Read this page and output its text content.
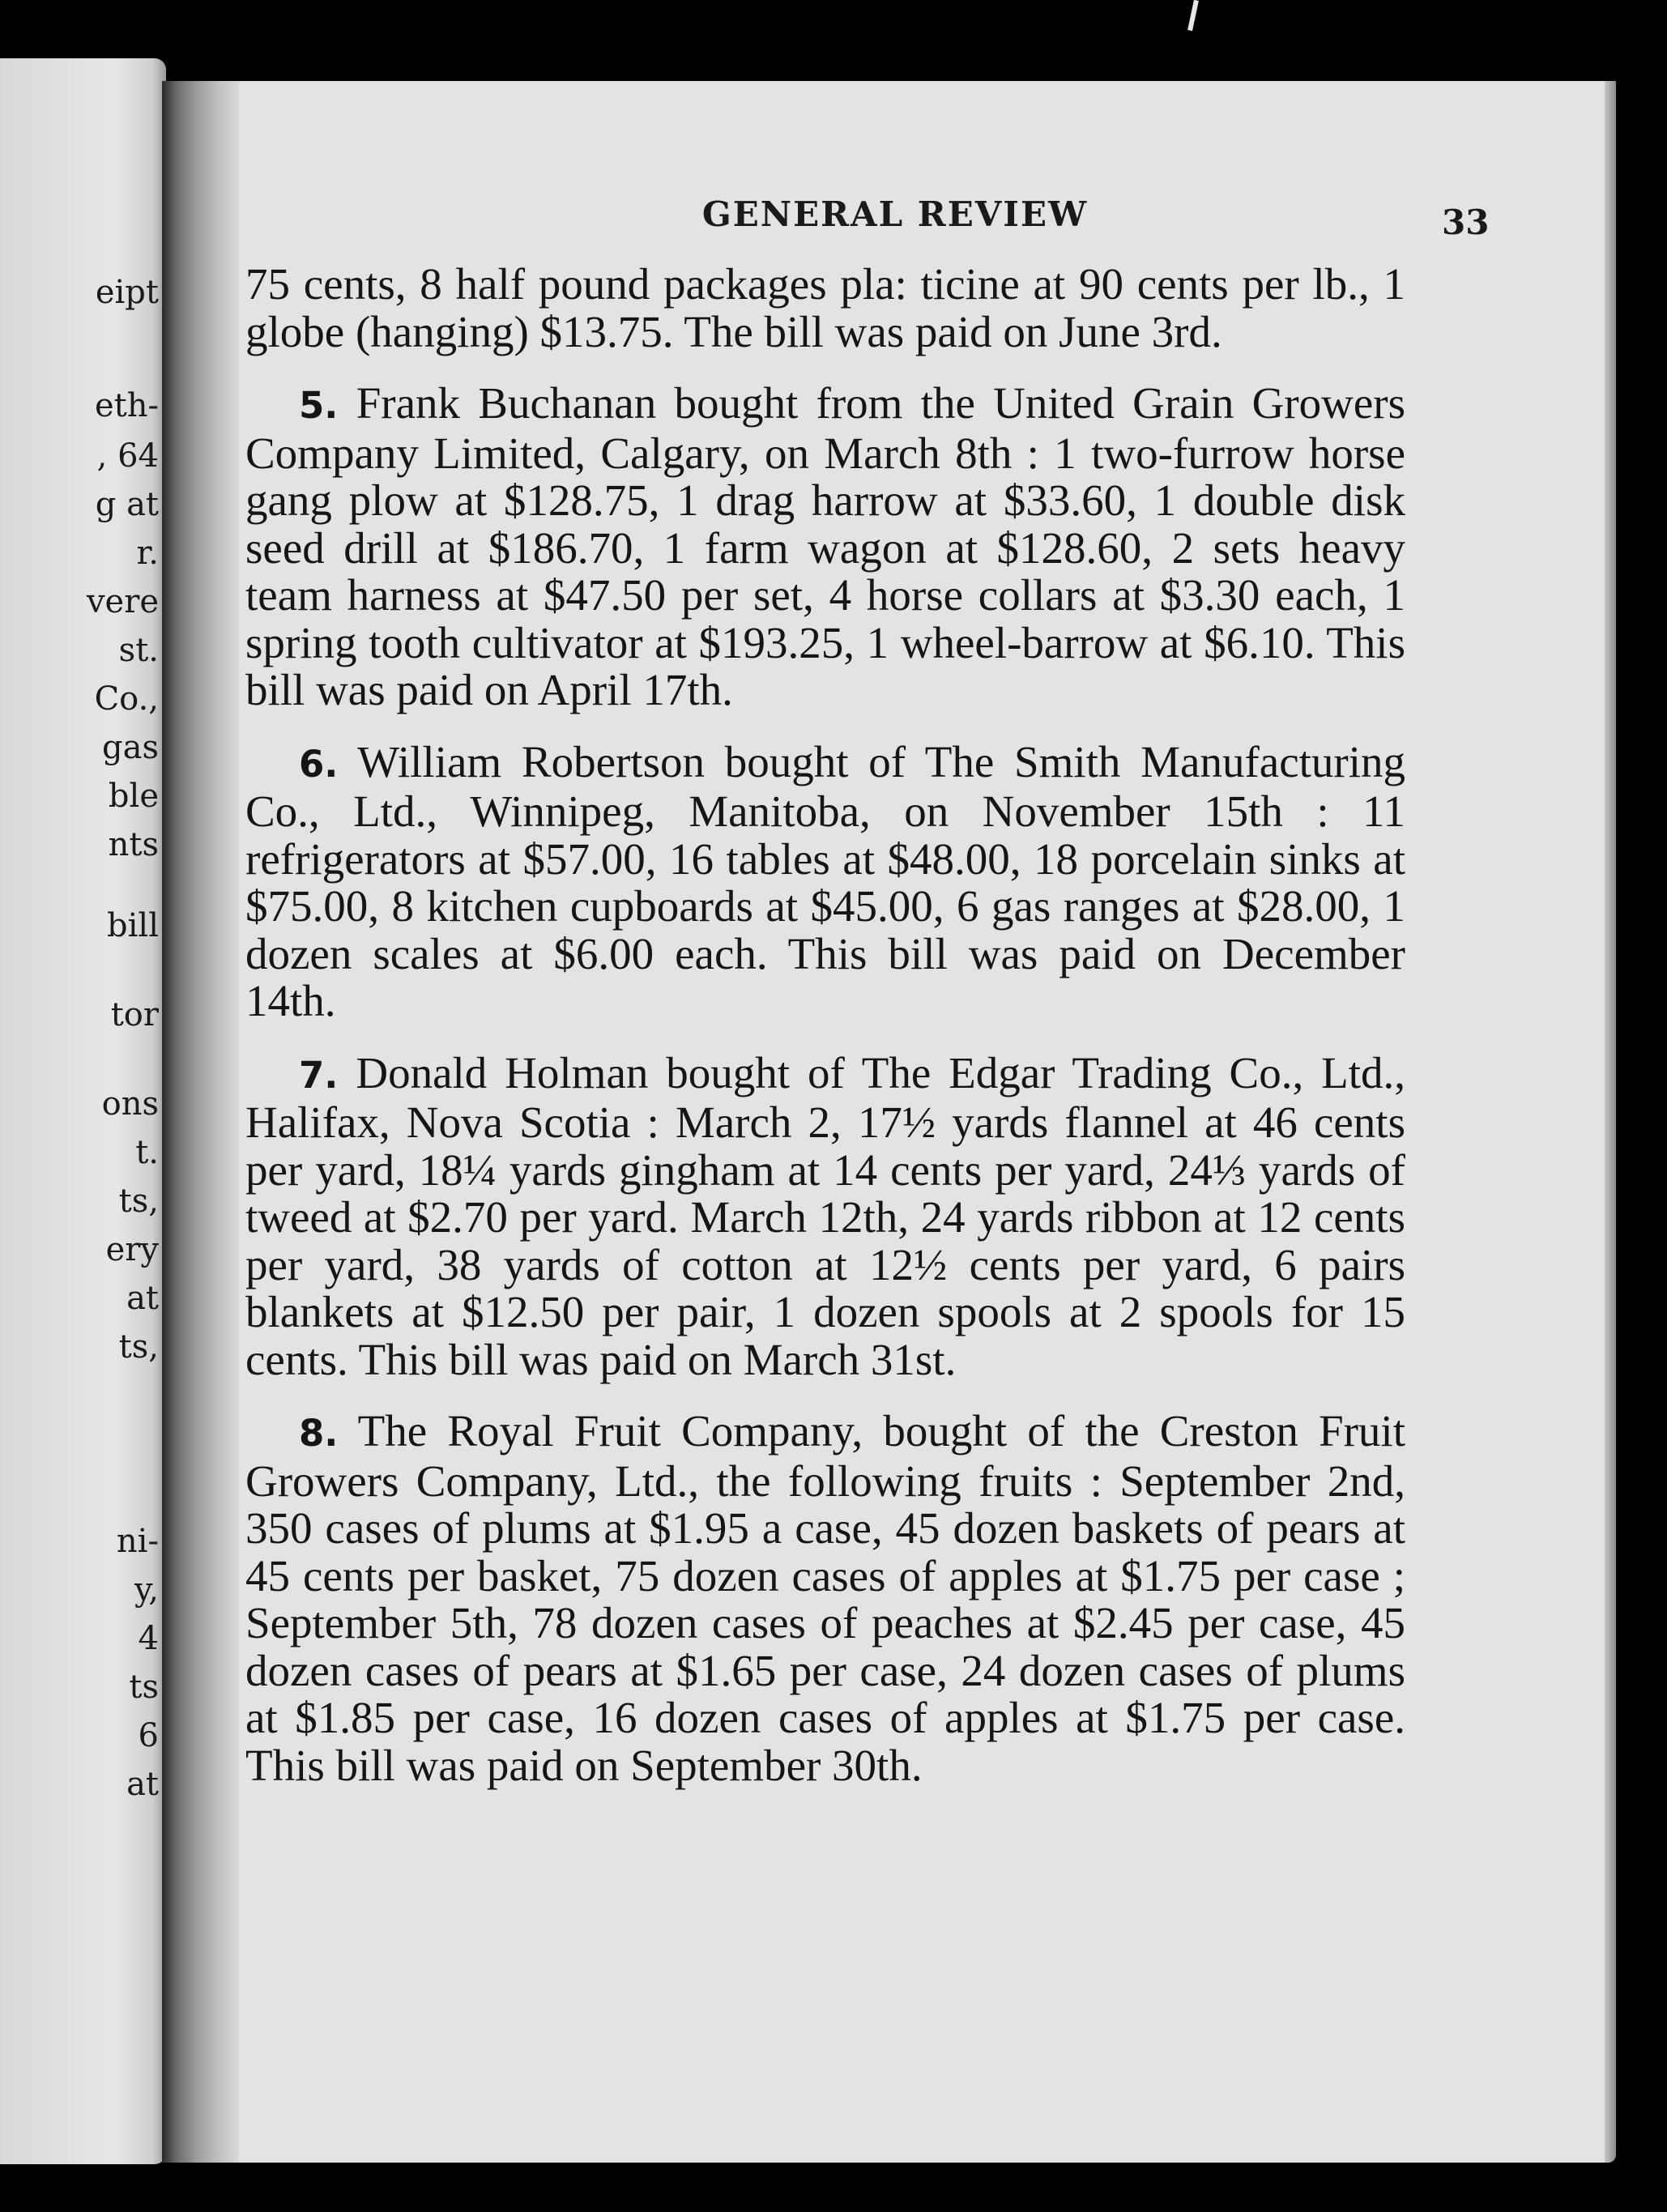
eipt
eth-
, 64
g at
r.
vere
st.
Co.,
gas
ble
nts
bill
tor
ons
t.
ts,
ery
at
ts,
ni-
y,
4
ts
6
at
GENERAL REVIEW	33

75 cents, 8 half pound packages pla: ticine at 90 cents per lb., 1 globe (hanging) $13.75. The bill was paid on June 3rd.

5. Frank Buchanan bought from the United Grain Growers Company Limited, Calgary, on March 8th : 1 two-furrow horse gang plow at $128.75, 1 drag harrow at $33.60, 1 double disk seed drill at $186.70, 1 farm wagon at $128.60, 2 sets heavy team harness at $47.50 per set, 4 horse collars at $3.30 each, 1 spring tooth cultivator at $193.25, 1 wheel-barrow at $6.10. This bill was paid on April 17th.

6. William Robertson bought of The Smith Manufacturing Co., Ltd., Winnipeg, Manitoba, on November 15th : 11 refrigerators at $57.00, 16 tables at $48.00, 18 porcelain sinks at $75.00, 8 kitchen cupboards at $45.00, 6 gas ranges at $28.00, 1 dozen scales at $6.00 each. This bill was paid on December 14th.

7. Donald Holman bought of The Edgar Trading Co., Ltd., Halifax, Nova Scotia : March 2, 17½ yards flannel at 46 cents per yard, 18¼ yards gingham at 14 cents per yard, 24⅓ yards of tweed at $2.70 per yard. March 12th, 24 yards ribbon at 12 cents per yard, 38 yards of cotton at 12½ cents per yard, 6 pairs blankets at $12.50 per pair, 1 dozen spools at 2 spools for 15 cents. This bill was paid on March 31st.

8. The Royal Fruit Company, bought of the Creston Fruit Growers Company, Ltd., the following fruits : September 2nd, 350 cases of plums at $1.95 a case, 45 dozen baskets of pears at 45 cents per basket, 75 dozen cases of apples at $1.75 per case ; September 5th, 78 dozen cases of peaches at $2.45 per case, 45 dozen cases of pears at $1.65 per case, 24 dozen cases of plums at $1.85 per case, 16 dozen cases of apples at $1.75 per case. This bill was paid on September 30th.
